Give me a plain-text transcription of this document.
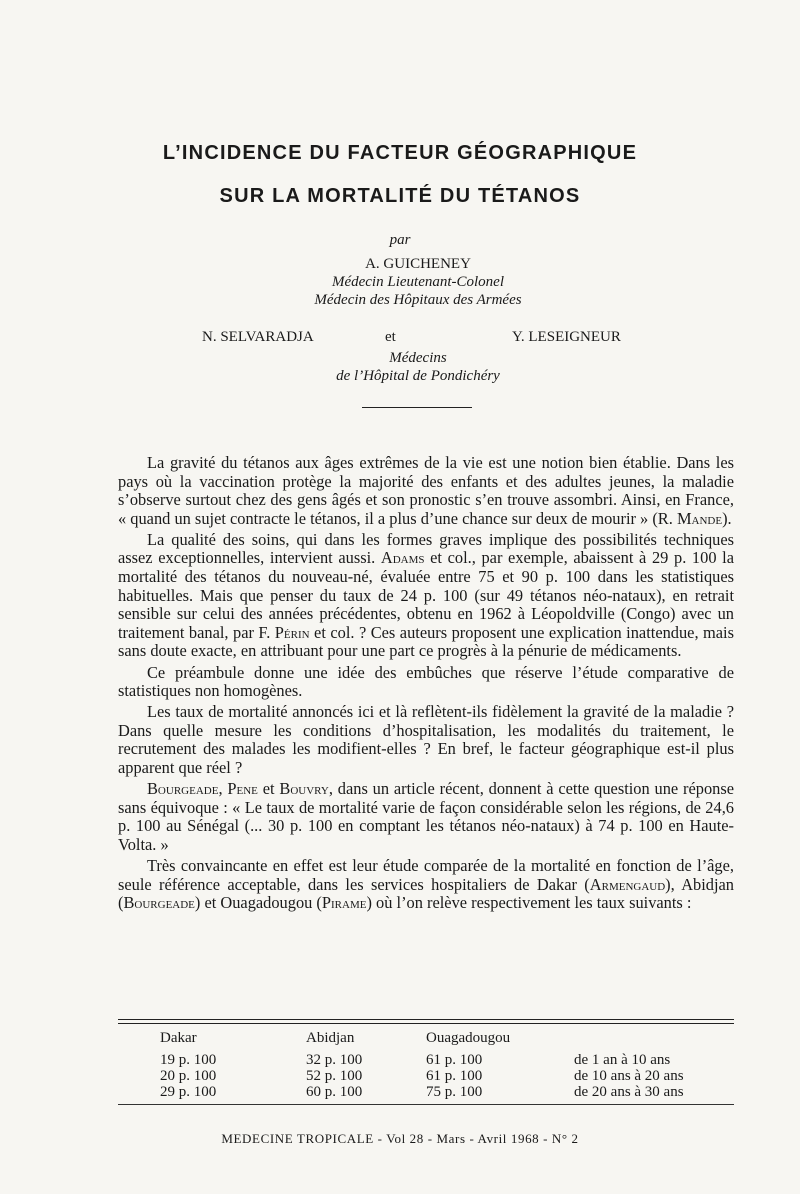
L’INCIDENCE DU FACTEUR GÉOGRAPHIQUE
SUR LA MORTALITÉ DU TÉTANOS

par

A. GUICHENEY

Médecin Lieutenant-Colonel

Médecin des Hôpitaux des Armées

N. SELVARADJA	et	Y. LESEIGNEUR

Médecins

de l’Hôpital de Pondichéry

La gravité du tétanos aux âges extrêmes de la vie est une notion bien établie. Dans les pays où la vaccination protège la majorité des enfants et des adultes jeunes, la maladie s’observe surtout chez des gens âgés et son pronostic s’en trouve assombri. Ainsi, en France, « quand un sujet contracte le tétanos, il a plus d’une chance sur deux de mourir » (R. Mande).

La qualité des soins, qui dans les formes graves implique des possibilités techniques assez exceptionnelles, intervient aussi. Adams et col., par exemple, abaissent à 29 p. 100 la mortalité des tétanos du nouveau-né, évaluée entre 75 et 90 p. 100 dans les statistiques habituelles. Mais que penser du taux de 24 p. 100 (sur 49 tétanos néo-nataux), en retrait sensible sur celui des années précédentes, obtenu en 1962 à Léopoldville (Congo) avec un traitement banal, par F. Périn et col. ? Ces auteurs proposent une explication inattendue, mais sans doute exacte, en attribuant pour une part ce progrès à la pénurie de médicaments.

Ce préambule donne une idée des embûches que réserve l’étude comparative de statistiques non homogènes.

Les taux de mortalité annoncés ici et là reflètent-ils fidèlement la gravité de la maladie ? Dans quelle mesure les conditions d’hospitalisation, les modalités du traitement, le recrutement des malades les modifient-elles ? En bref, le facteur géographique est-il plus apparent que réel ?

Bourgeade, Pene et Bouvry, dans un article récent, donnent à cette question une réponse sans équivoque : « Le taux de mortalité varie de façon considérable selon les régions, de 24,6 p. 100 au Sénégal (... 30 p. 100 en comptant les tétanos néo-nataux) à 74 p. 100 en Haute-Volta. »

Très convaincante en effet est leur étude comparée de la mortalité en fonction de l’âge, seule référence acceptable, dans les services hospitaliers de Dakar (Armengaud), Abidjan (Bourgeade) et Ouagadougou (Pirame) où l’on relève respectivement les taux suivants :

Dakar	Abidjan	Ouagadougou	
19 p. 100	32 p. 100	61 p. 100	de 1 an à 10 ans
20 p. 100	52 p. 100	61 p. 100	de 10 ans à 20 ans
29 p. 100	60 p. 100	75 p. 100	de 20 ans à 30 ans
MEDECINE TROPICALE - Vol 28 - Mars - Avril 1968 - N° 2
